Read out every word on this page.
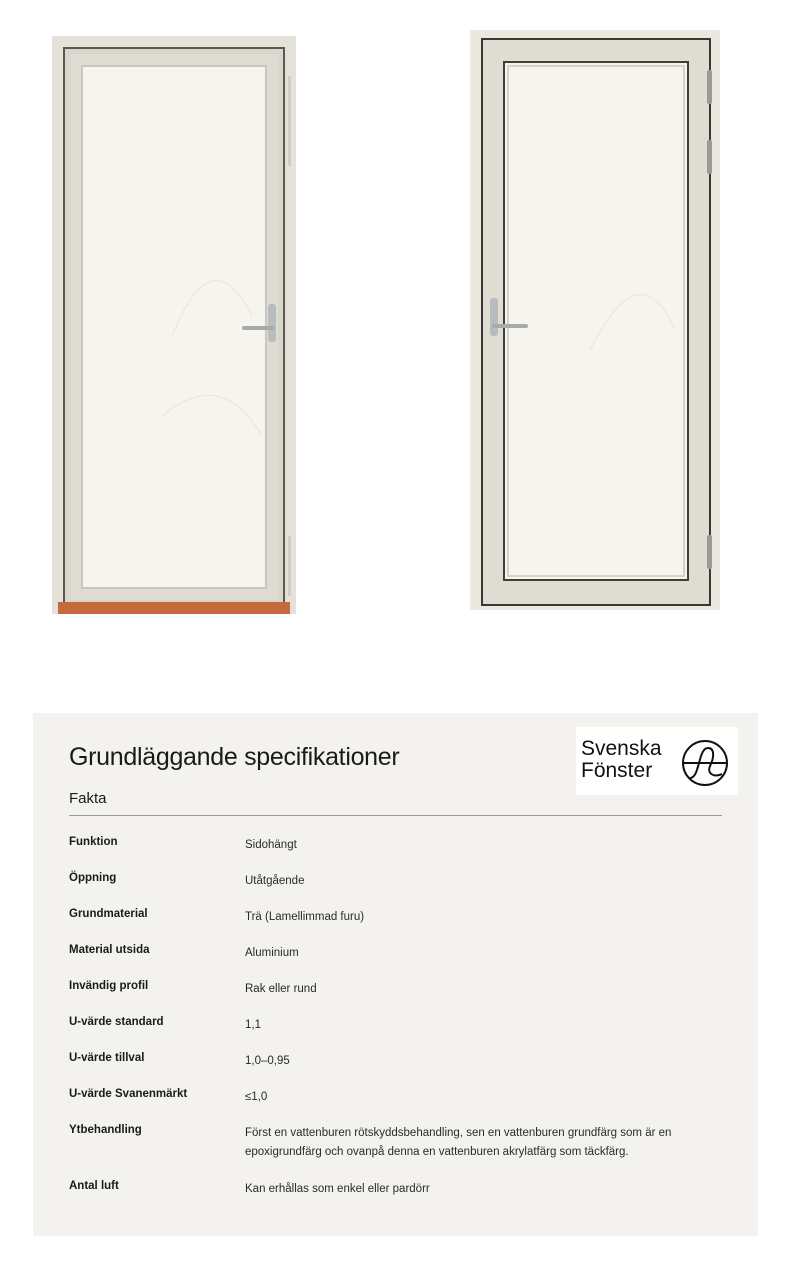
Grundläggande specifikationer
Fakta
Svenska
Fönster
Funktion	Sidohängt
Öppning	Utåtgående
Grundmaterial	Trä (Lamellimmad furu)
Material utsida	Aluminium
Invändig profil	Rak eller rund
U-värde standard	1,1
U-värde tillval	1,0–0,95
U-värde Svanenmärkt	≤1,0
Ytbehandling	Först en vattenburen rötskyddsbehandling, sen en vattenburen grundfärg som är en epoxigrundfärg och ovanpå denna en vattenburen akrylatfärg som täckfärg.
Antal luft	Kan erhållas som enkel eller pardörr
